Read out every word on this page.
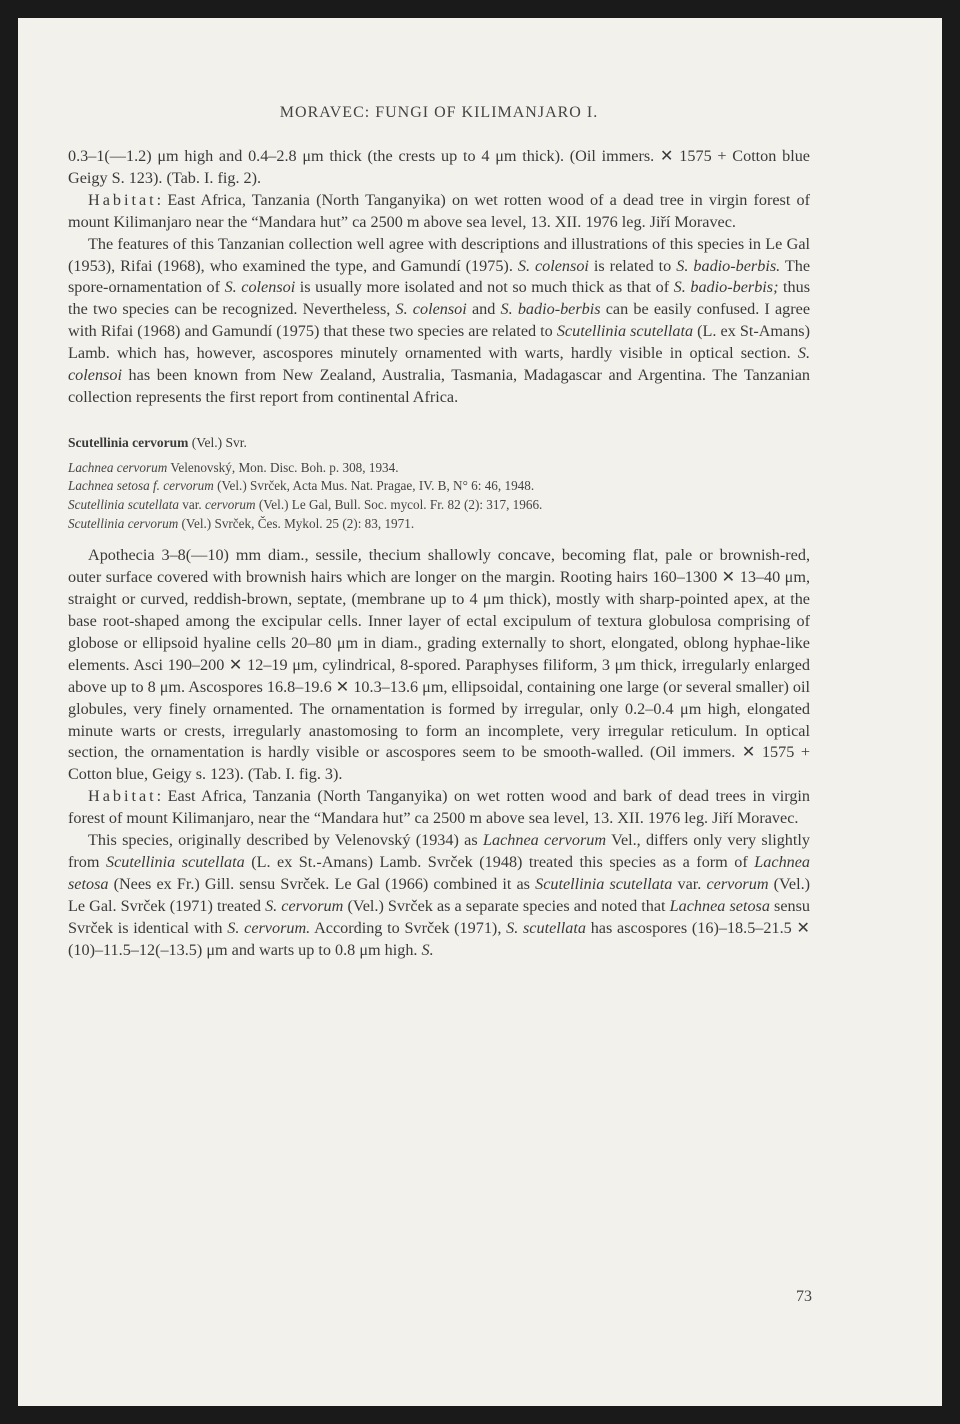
MORAVEC: FUNGI OF KILIMANJARO I.

0.3–1(—1.2) μm high and 0.4–2.8 μm thick (the crests up to 4 μm thick). (Oil immers. ✕ 1575 + Cotton blue Geigy S. 123). (Tab. I. fig. 2).

Habitat: East Africa, Tanzania (North Tanganyika) on wet rotten wood of a dead tree in virgin forest of mount Kilimanjaro near the “Mandara hut” ca 2500 m above sea level, 13. XII. 1976 leg. Jiří Moravec.

The features of this Tanzanian collection well agree with descriptions and illustrations of this species in Le Gal (1953), Rifai (1968), who examined the type, and Gamundí (1975). S. colensoi is related to S. badio-berbis. The spore-ornamentation of S. colensoi is usually more isolated and not so much thick as that of S. badio-berbis; thus the two species can be recognized. Nevertheless, S. colensoi and S. badio-berbis can be easily confused. I agree with Rifai (1968) and Gamundí (1975) that these two species are related to Scutellinia scutellata (L. ex St-Amans) Lamb. which has, however, ascospores minutely ornamented with warts, hardly visible in optical section. S. colensoi has been known from New Zealand, Australia, Tasmania, Madagascar and Argentina. The Tanzanian collection represents the first report from continental Africa.

Scutellinia cervorum (Vel.) Svr.

Lachnea cervorum Velenovský, Mon. Disc. Boh. p. 308, 1934.

Lachnea setosa f. cervorum (Vel.) Svrček, Acta Mus. Nat. Pragae, IV. B, N° 6: 46, 1948.

Scutellinia scutellata var. cervorum (Vel.) Le Gal, Bull. Soc. mycol. Fr. 82 (2): 317, 1966.

Scutellinia cervorum (Vel.) Svrček, Čes. Mykol. 25 (2): 83, 1971.

Apothecia 3–8(—10) mm diam., sessile, thecium shallowly concave, becoming flat, pale or brownish-red, outer surface covered with brownish hairs which are longer on the margin. Rooting hairs 160–1300 ✕ 13–40 μm, straight or curved, reddish-brown, septate, (membrane up to 4 μm thick), mostly with sharp-pointed apex, at the base root-shaped among the excipular cells. Inner layer of ectal excipulum of textura globulosa comprising of globose or ellipsoid hyaline cells 20–80 μm in diam., grading externally to short, elongated, oblong hyphae-like elements. Asci 190–200 ✕ 12–19 μm, cylindrical, 8-spored. Paraphyses filiform, 3 μm thick, irregularly enlarged above up to 8 μm. Ascospores 16.8–19.6 ✕ 10.3–13.6 μm, ellipsoidal, containing one large (or several smaller) oil globules, very finely ornamented. The ornamentation is formed by irregular, only 0.2–0.4 μm high, elongated minute warts or crests, irregularly anastomosing to form an incomplete, very irregular reticulum. In optical section, the ornamentation is hardly visible or ascospores seem to be smooth-walled. (Oil immers. ✕ 1575 + Cotton blue, Geigy s. 123). (Tab. I. fig. 3).

Habitat: East Africa, Tanzania (North Tanganyika) on wet rotten wood and bark of dead trees in virgin forest of mount Kilimanjaro, near the “Mandara hut” ca 2500 m above sea level, 13. XII. 1976 leg. Jiří Moravec.

This species, originally described by Velenovský (1934) as Lachnea cervorum Vel., differs only very slightly from Scutellinia scutellata (L. ex St.-Amans) Lamb. Svrček (1948) treated this species as a form of Lachnea setosa (Nees ex Fr.) Gill. sensu Svrček. Le Gal (1966) combined it as Scutellinia scutellata var. cervorum (Vel.) Le Gal. Svrček (1971) treated S. cervorum (Vel.) Svrček as a separate species and noted that Lachnea setosa sensu Svrček is identical with S. cervorum. According to Svrček (1971), S. scutellata has ascospores (16)–18.5–21.5 ✕ (10)–11.5–12(–13.5) μm and warts up to 0.8 μm high. S.

73
